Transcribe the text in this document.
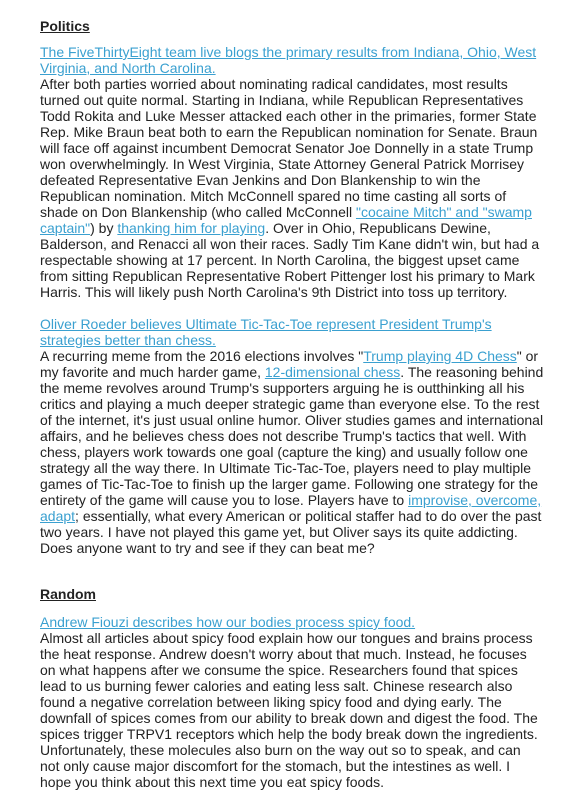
Politics
The FiveThirtyEight team live blogs the primary results from Indiana, Ohio, West Virginia, and North Carolina.

After both parties worried about nominating radical candidates, most results turned out quite normal. Starting in Indiana, while Republican Representatives Todd Rokita and Luke Messer attacked each other in the primaries, former State Rep. Mike Braun beat both to earn the Republican nomination for Senate. Braun will face off against incumbent Democrat Senator Joe Donnelly in a state Trump won overwhelmingly. In West Virginia, State Attorney General Patrick Morrisey defeated Representative Evan Jenkins and Don Blankenship to win the Republican nomination. Mitch McConnell spared no time casting all sorts of shade on Don Blankenship (who called McConnell "cocaine Mitch" and "swamp captain") by thanking him for playing. Over in Ohio, Republicans Dewine, Balderson, and Renacci all won their races. Sadly Tim Kane didn't win, but had a respectable showing at 17 percent. In North Carolina, the biggest upset came from sitting Republican Representative Robert Pittenger lost his primary to Mark Harris. This will likely push North Carolina's 9th District into toss up territory.

Oliver Roeder believes Ultimate Tic-Tac-Toe represent President Trump's strategies better than chess.

A recurring meme from the 2016 elections involves "Trump playing 4D Chess" or my favorite and much harder game, 12-dimensional chess. The reasoning behind the meme revolves around Trump's supporters arguing he is outthinking all his critics and playing a much deeper strategic game than everyone else. To the rest of the internet, it's just usual online humor. Oliver studies games and international affairs, and he believes chess does not describe Trump's tactics that well. With chess, players work towards one goal (capture the king) and usually follow one strategy all the way there. In Ultimate Tic-Tac-Toe, players need to play multiple games of Tic-Tac-Toe to finish up the larger game. Following one strategy for the entirety of the game will cause you to lose. Players have to improvise, overcome, adapt; essentially, what every American or political staffer had to do over the past two years. I have not played this game yet, but Oliver says its quite addicting. Does anyone want to try and see if they can beat me?

Random
Andrew Fiouzi describes how our bodies process spicy food.

Almost all articles about spicy food explain how our tongues and brains process the heat response. Andrew doesn't worry about that much. Instead, he focuses on what happens after we consume the spice. Researchers found that spices lead to us burning fewer calories and eating less salt. Chinese research also found a negative correlation between liking spicy food and dying early. The downfall of spices comes from our ability to break down and digest the food. The spices trigger TRPV1 receptors which help the body break down the ingredients. Unfortunately, these molecules also burn on the way out so to speak, and can not only cause major discomfort for the stomach, but the intestines as well. I hope you think about this next time you eat spicy foods.
